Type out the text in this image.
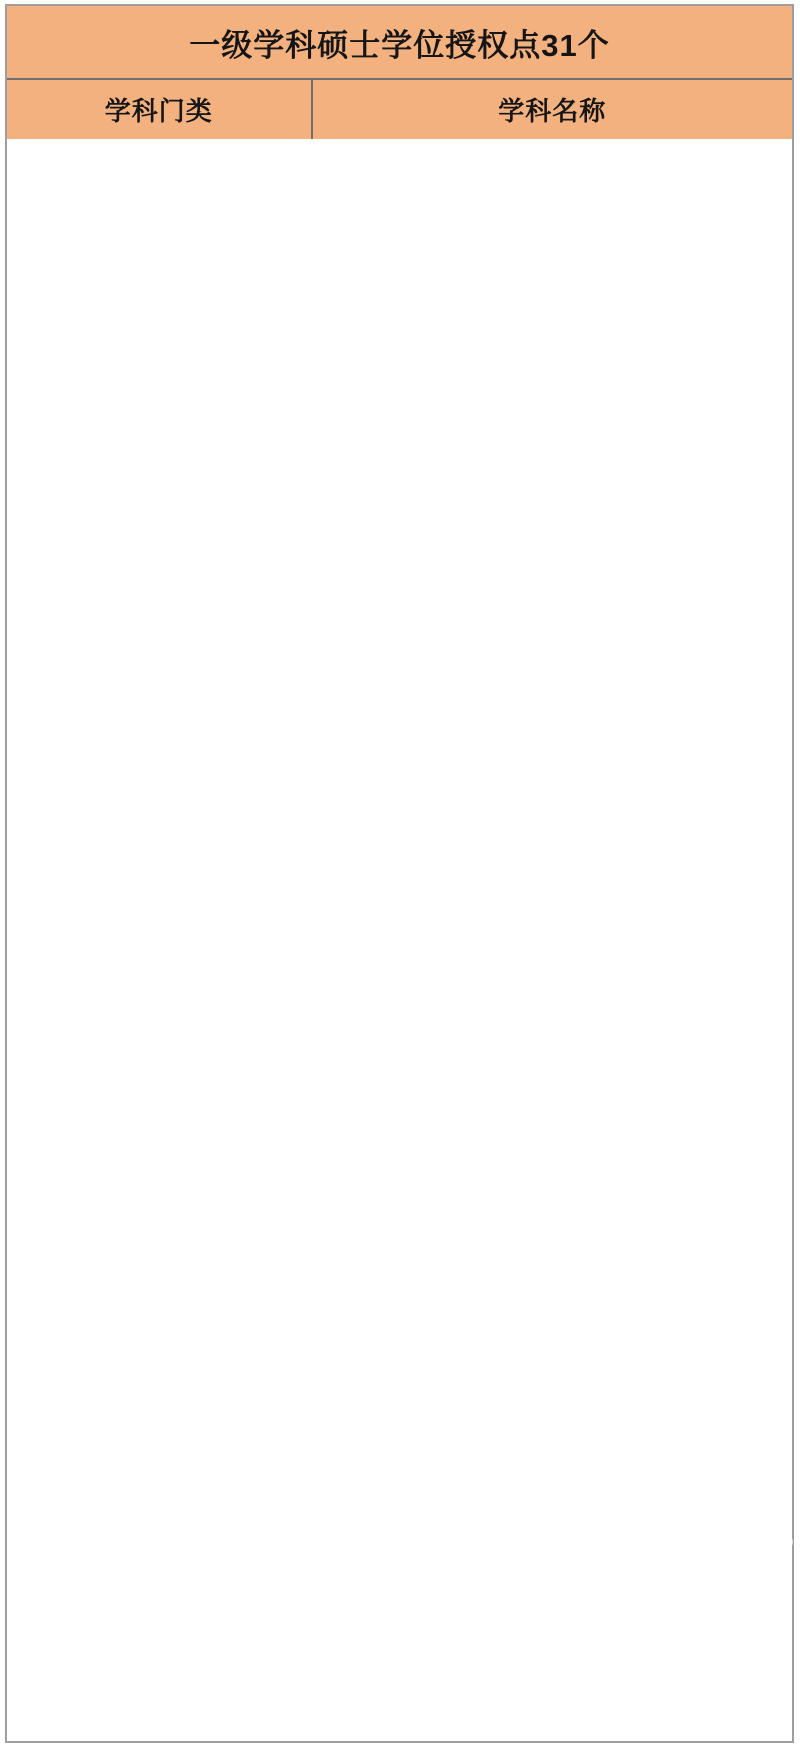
一级学科硕士学位授权点31个
学科门类	学科名称
